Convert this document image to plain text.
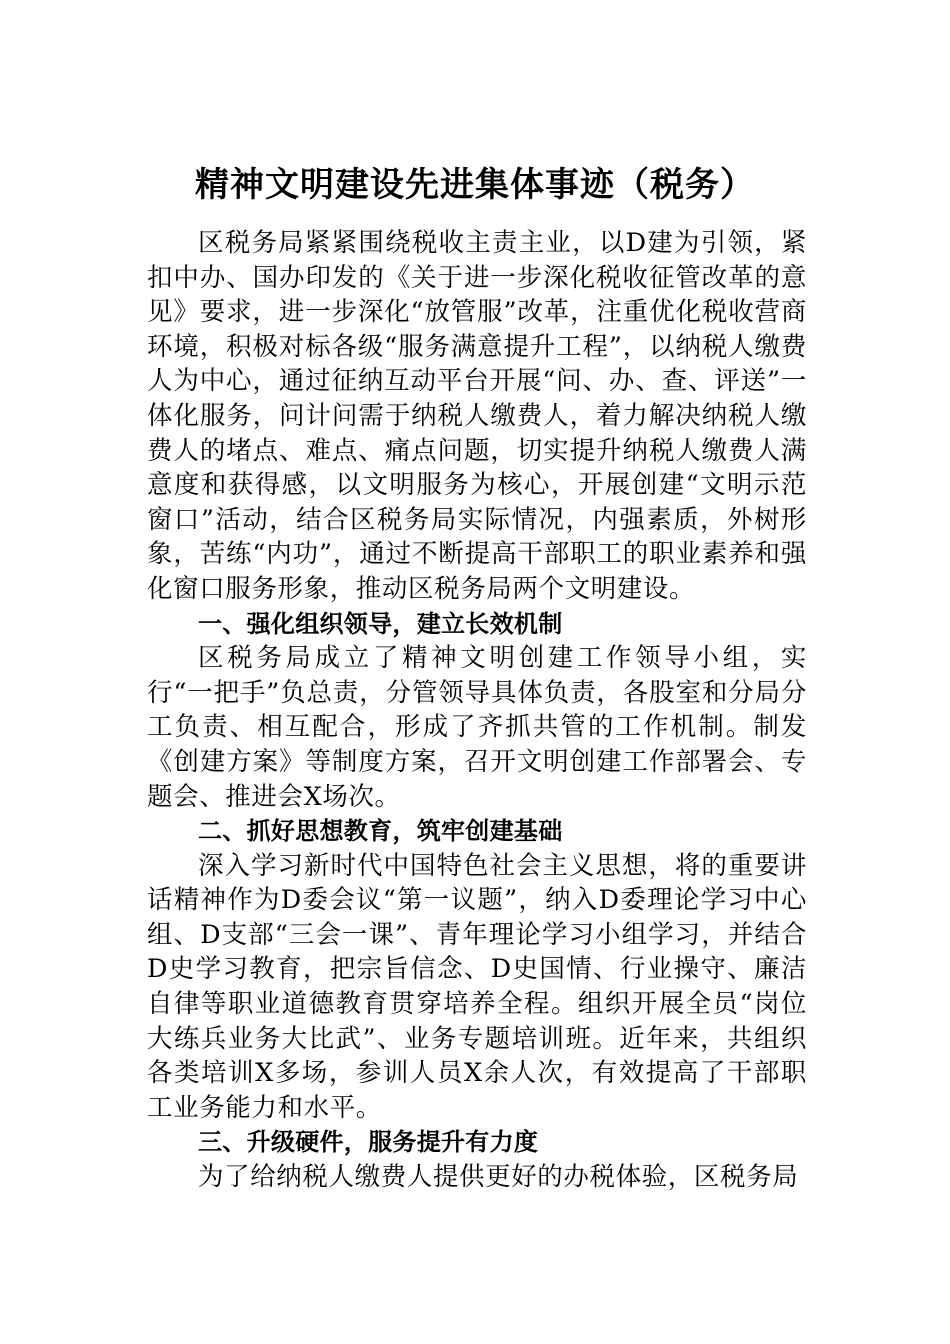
精神文明建设先进集体事迹（税务）

区税务局紧紧围绕税收主责主业，以D建为引领，紧扣中办、国办印发的《关于进一步深化税收征管改革的意见》要求，进一步深化“放管服”改革，注重优化税收营商环境，积极对标各级“服务满意提升工程”，以纳税人缴费人为中心，通过征纳互动平台开展“问、办、查、评送”一体化服务，问计问需于纳税人缴费人，着力解决纳税人缴费人的堵点、难点、痛点问题，切实提升纳税人缴费人满意度和获得感，以文明服务为核心，开展创建“文明示范窗口”活动，结合区税务局实际情况，内强素质，外树形象，苦练“内功”，通过不断提高干部职工的职业素养和强化窗口服务形象，推动区税务局两个文明建设。

一、强化组织领导，建立长效机制

区税务局成立了精神文明创建工作领导小组，实行“一把手”负总责，分管领导具体负责，各股室和分局分工负责、相互配合，形成了齐抓共管的工作机制。制发《创建方案》等制度方案，召开文明创建工作部署会、专题会、推进会X场次。

二、抓好思想教育，筑牢创建基础

深入学习新时代中国特色社会主义思想，将的重要讲话精神作为D委会议“第一议题”，纳入D委理论学习中心组、D支部“三会一课”、青年理论学习小组学习，并结合D史学习教育，把宗旨信念、D史国情、行业操守、廉洁自律等职业道德教育贯穿培养全程。组织开展全员“岗位大练兵业务大比武”、业务专题培训班。近年来，共组织各类培训X多场，参训人员X余人次，有效提高了干部职工业务能力和水平。

三、升级硬件，服务提升有力度

为了给纳税人缴费人提供更好的办税体验，区税务局
